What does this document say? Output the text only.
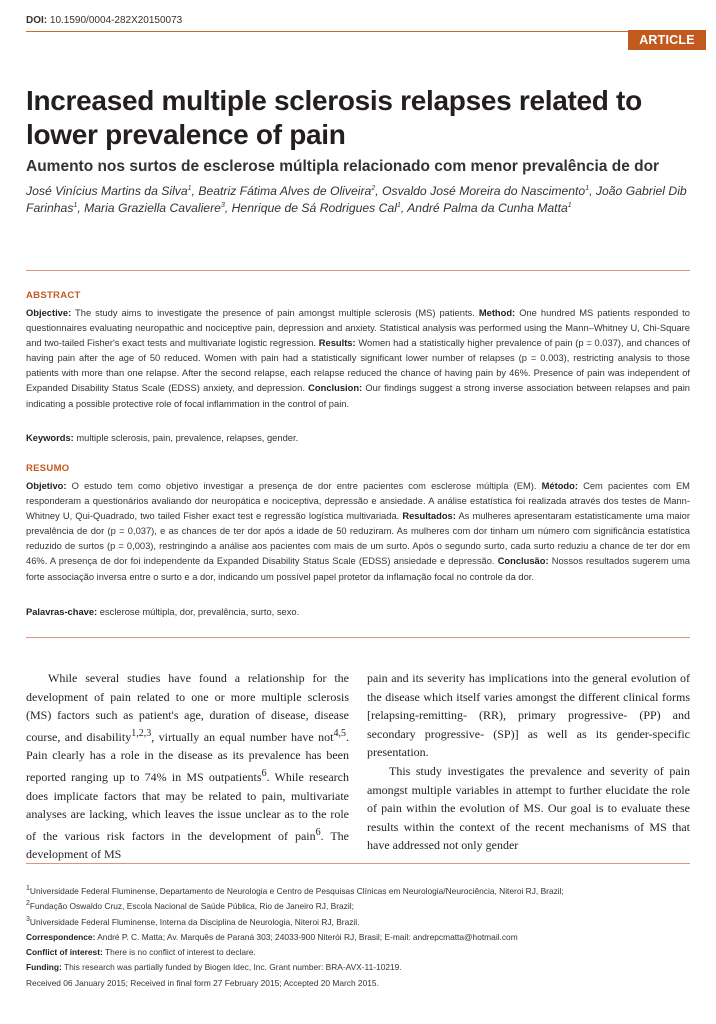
DOI: 10.1590/0004-282X20150073
ARTICLE
Increased multiple sclerosis relapses related to lower prevalence of pain
Aumento nos surtos de esclerose múltipla relacionado com menor prevalência de dor
José Vinícius Martins da Silva$^1$, Beatriz Fátima Alves de Oliveira$^2$, Osvaldo José Moreira do Nascimento$^1$, João Gabriel Dib Farinhas$^1$, Maria Graziella Cavaliere$^3$, Henrique de Sá Rodrigues Cal$^1$, André Palma da Cunha Matta$^1$
ABSTRACT
Objective: The study aims to investigate the presence of pain amongst multiple sclerosis (MS) patients. Method: One hundred MS patients responded to questionnaires evaluating neuropathic and nociceptive pain, depression and anxiety. Statistical analysis was performed using the Mann–Whitney U, Chi-Square and two-tailed Fisher's exact tests and multivariate logistic regression. Results: Women had a statistically higher prevalence of pain (p = 0.037), and chances of having pain after the age of 50 reduced. Women with pain had a statistically significant lower number of relapses (p = 0.003), restricting analysis to those patients with more than one relapse. After the second relapse, each relapse reduced the chance of having pain by 46%. Presence of pain was independent of Expanded Disability Status Scale (EDSS) anxiety, and depression. Conclusion: Our findings suggest a strong inverse association between relapses and pain indicating a possible protective role of focal inflammation in the control of pain.
Keywords: multiple sclerosis, pain, prevalence, relapses, gender.
RESUMO
Objetivo: O estudo tem como objetivo investigar a presença de dor entre pacientes com esclerose múltipla (EM). Método: Cem pacientes com EM responderam a questionários avaliando dor neuropática e nociceptiva, depressão e ansiedade. A análise estatística foi realizada através dos testes de Mann-Whitney U, Qui-Quadrado, two tailed Fisher exact test e regressão logística multivariada. Resultados: As mulheres apresentaram estatisticamente uma maior prevalência de dor (p = 0,037), e as chances de ter dor após a idade de 50 reduziram. As mulheres com dor tinham um número com significância estatística reduzido de surtos (p = 0,003), restringindo a análise aos pacientes com mais de um surto. Após o segundo surto, cada surto reduziu a chance de ter dor em 46%. A presença de dor foi independente da Expanded Disability Status Scale (EDSS) ansiedade e depressão. Conclusão: Nossos resultados sugerem uma forte associação inversa entre o surto e a dor, indicando um possível papel protetor da inflamação focal no controle da dor.
Palavras-chave: esclerose múltipla, dor, prevalência, surto, sexo.

While several studies have found a relationship for the development of pain related to one or more multiple sclerosis (MS) factors such as patient's age, duration of disease, disease course, and disability$^{1,2,3}$, virtually an equal number have not$^{4,5}$. Pain clearly has a role in the disease as its prevalence has been reported ranging up to 74% in MS outpatients$^6$. While research does implicate factors that may be related to pain, multivariate analyses are lacking, which leaves the issue unclear as to the role of the various risk factors in the development of pain$^6$. The development of MS

pain and its severity has implications into the general evolution of the disease which itself varies amongst the different clinical forms [relapsing-remitting- (RR), primary progressive- (PP) and secondary progressive- (SP)] as well as its gender-specific presentation.

This study investigates the prevalence and severity of pain amongst multiple variables in attempt to further elucidate the role of pain within the evolution of MS. Our goal is to evaluate these results within the context of the recent mechanisms of MS that have addressed not only gender

$^1$Universidade Federal Fluminense, Departamento de Neurologia e Centro de Pesquisas Clínicas em Neurologia/Neurociência, Niteroi RJ, Brazil;
$^2$Fundação Oswaldo Cruz, Escola Nacional de Saúde Pública, Rio de Janeiro RJ, Brazil;
$^3$Universidade Federal Fluminense, Interna da Disciplina de Neurologia, Niteroi RJ, Brazil.
Correspondence: André P. C. Matta; Av. Marquês de Paraná 303; 24033-900 Niterói RJ, Brasil; E-mail: andrepcmatta@hotmail.com
Conflict of interest: There is no conflict of interest to declare.
Funding: This research was partially funded by Biogen Idec, Inc. Grant number: BRA-AVX-11-10219.
Received 06 January 2015; Received in final form 27 February 2015; Accepted 20 March 2015.
